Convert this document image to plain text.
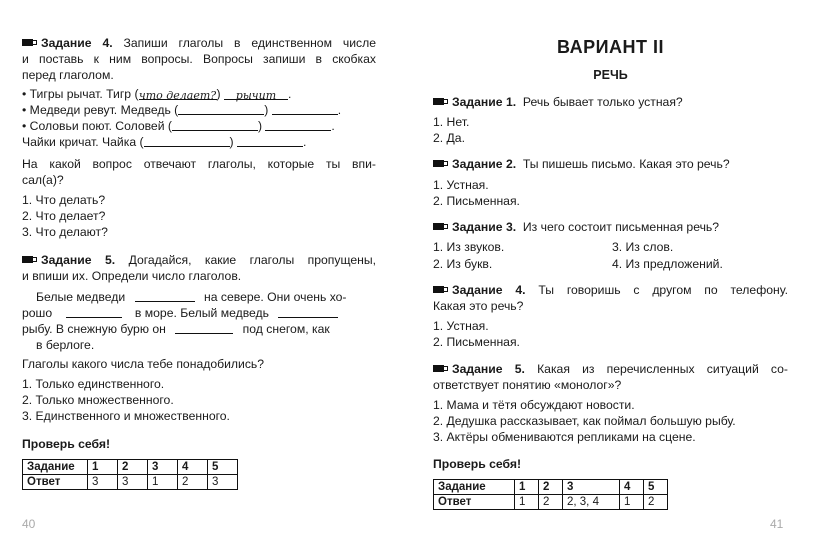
Задание 4. Запиши глаголы в единственном числе
и поставь к ним вопросы. Вопросы запиши в скобках
перед глаголом.
• Тигры рычат. Тигр (что делает?) рычит .
• Медведи ревут. Медведь (	)	.
• Соловьи поют. Соловей (	)	.
Чайки кричат. Чайка (	)	.
На какой вопрос отвечают глаголы, которые ты впи-
сал(а)?
1. Что делать?
2. Что делает?
3. Что делают?
Задание 5. Догадайся, какие глаголы пропущены,
и впиши их. Определи число глаголов.
Белые медведи	на севере. Они очень хо-
рошо	в море. Белый медведь
рыбу. В снежную бурю он	под снегом, как
в берлоге.
Глаголы какого числа тебе понадобились?
1. Только единственного.
2. Только множественного.
3. Единственного и множественного.
Проверь себя!
Задание	1	2	3	4	5
Ответ	3	3	1	2	3
40
ВАРИАНТ II
РЕЧЬ
Задание 1. Речь бывает только устная?
1. Нет.
2. Да.
Задание 2. Ты пишешь письмо. Какая это речь?
1. Устная.
2. Письменная.
Задание 3. Из чего состоит письменная речь?
1. Из звуков.
2. Из букв.
3. Из слов.
4. Из предложений.
Задание 4. Ты говоришь с другом по телефону.
Какая это речь?
1. Устная.
2. Письменная.
Задание 5. Какая из перечисленных ситуаций со-
ответствует понятию «монолог»?
1. Мама и тётя обсуждают новости.
2. Дедушка рассказывает, как поймал большую рыбу.
3. Актёры обмениваются репликами на сцене.
Проверь себя!
Задание	1	2	3	4	5
Ответ	1	2	2, 3, 4	1	2
41
